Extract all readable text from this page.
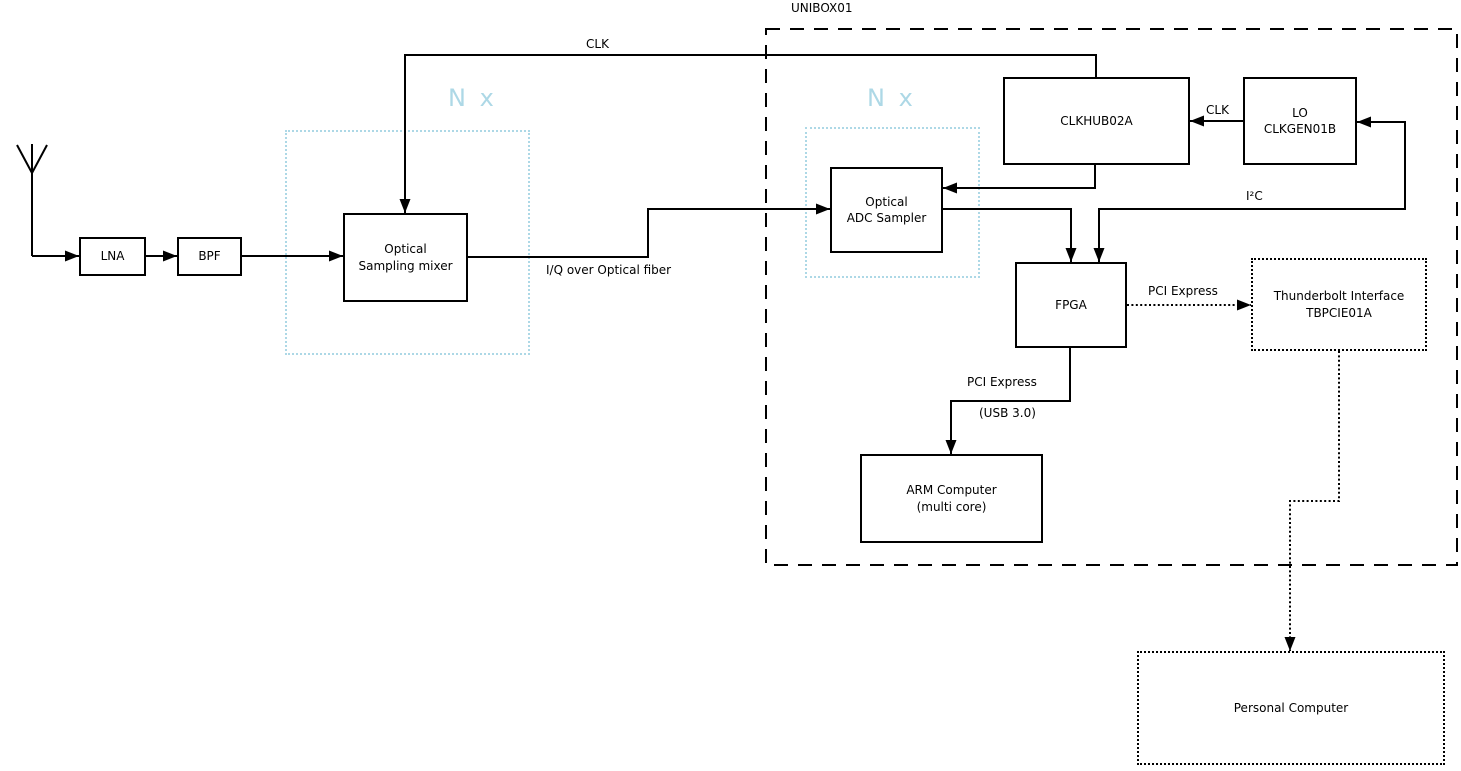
N x	N x
LNA	BPF
Optical
Sampling mixer
Optical
ADC Sampler
CLKHUB02A
LO
CLKGEN01B
FPGA
ARM Computer
(multi core)
Thunderbolt Interface
TBPCIE01A
Personal Computer
UNIBOX01
CLK
I/Q over Optical fiber
CLK
I²C
PCI Express
PCI Express
(USB 3.0)
